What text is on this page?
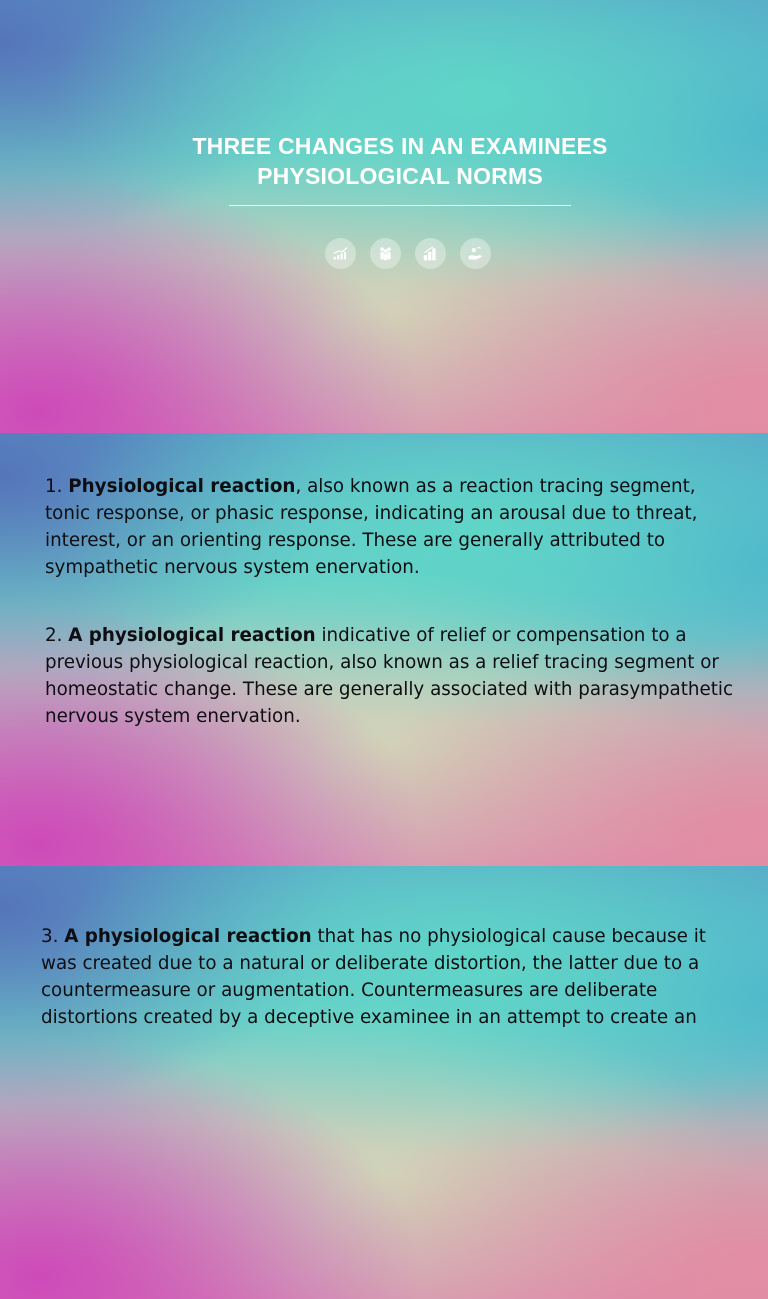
THREE CHANGES IN AN EXAMINEES
PHYSIOLOGICAL NORMS

1. Physiological reaction, also known as a reaction tracing segment, tonic response, or phasic response, indicating an arousal due to threat, interest, or an orienting response. These are generally attributed to sympathetic nervous system enervation.

2. A physiological reaction indicative of relief or compensation to a previous physiological reaction, also known as a relief tracing segment or homeostatic change. These are generally associated with parasympathetic nervous system enervation.

3. A physiological reaction that has no physiological cause because it was created due to a natural or deliberate distortion, the latter due to a countermeasure or augmentation. Countermeasures are deliberate distortions created by a deceptive examinee in an attempt to create an
